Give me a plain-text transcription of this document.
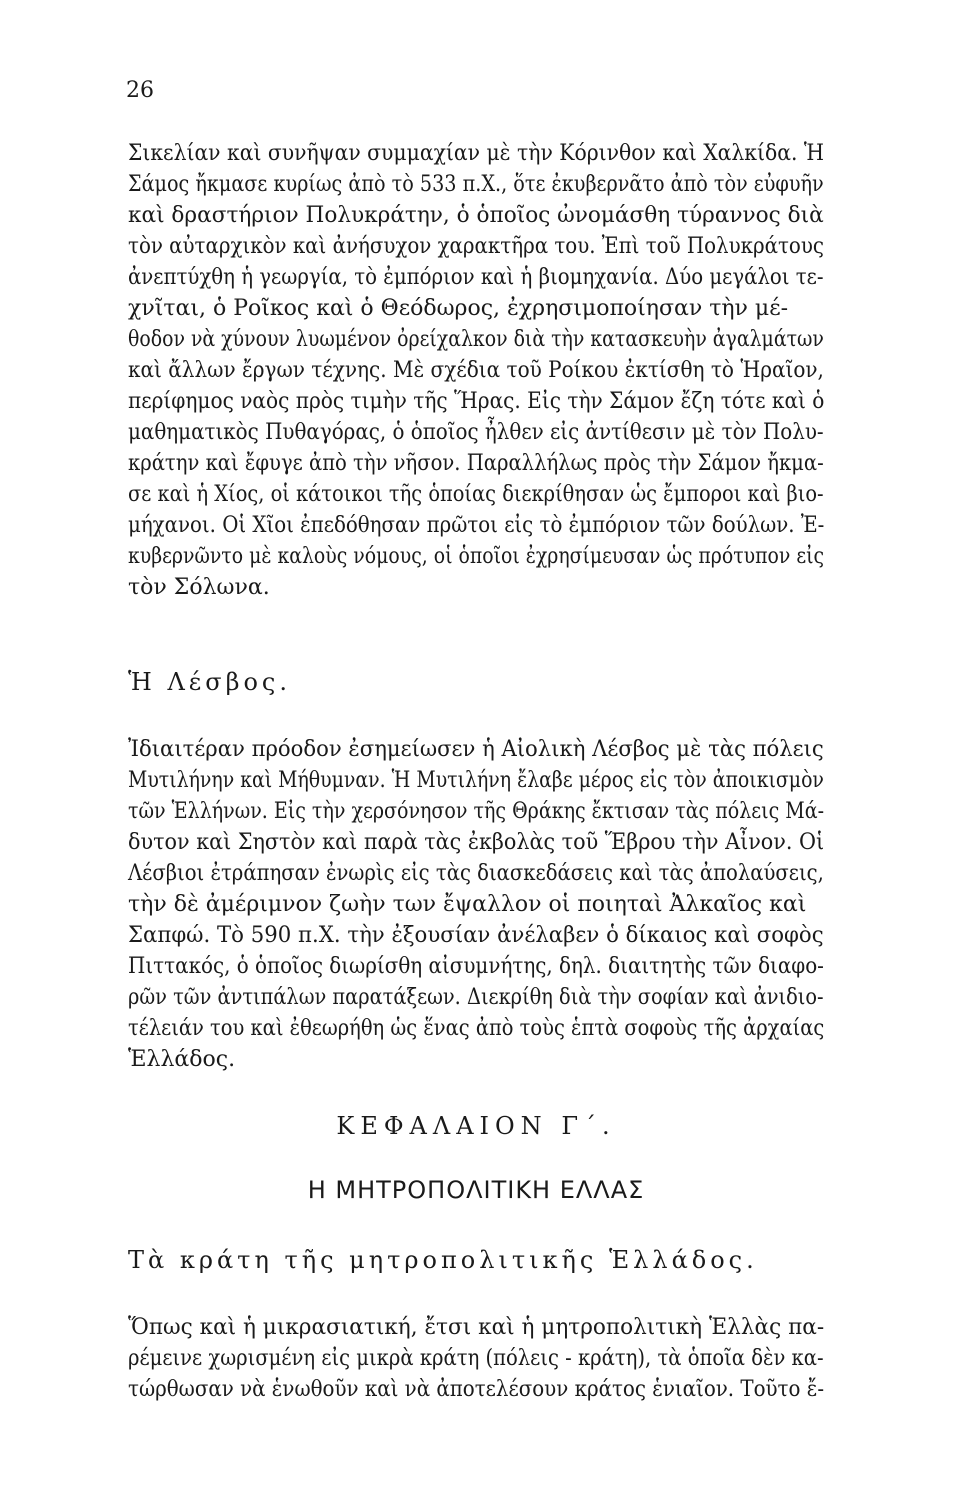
26

Σικελίαν καὶ συνῆψαν συμμαχίαν μὲ τὴν Κόρινθον καὶ Χαλκίδα. Ἡ
Σάμος ἤκμασε κυρίως ἀπὸ τὸ 533 π.Χ., ὅτε ἐκυβερνᾶτο ἀπὸ τὸν εὐφυῆν
καὶ δραστήριον Πολυκράτην, ὁ ὁποῖος ὠνομάσθη τύραννος διὰ
τὸν αὐταρχικὸν καὶ ἀνήσυχον χαρακτῆρα του. Ἐπὶ τοῦ Πολυκράτους
ἀνεπτύχθη ἡ γεωργία, τὸ ἐμπόριον καὶ ἡ βιομηχανία. Δύο μεγάλοι τε-
χνῖται, ὁ Ροῖκος καὶ ὁ Θεόδωρος, ἐχρησιμοποίησαν τὴν μέ-
θοδον νὰ χύνουν λυωμένον ὀρείχαλκον διὰ τὴν κατασκευὴν ἀγαλμάτων
καὶ ἄλλων ἔργων τέχνης. Μὲ σχέδια τοῦ Ροίκου ἐκτίσθη τὸ Ἡραῖον,
περίφημος ναὸς πρὸς τιμὴν τῆς Ἥρας. Εἰς τὴν Σάμον ἔζη τότε καὶ ὁ
μαθηματικὸς Πυθαγόρας, ὁ ὁποῖος ἦλθεν εἰς ἀντίθεσιν μὲ τὸν Πολυ-
κράτην καὶ ἔφυγε ἀπὸ τὴν νῆσον. Παραλλήλως πρὸς τὴν Σάμον ἤκμα-
σε καὶ ἡ Χίος, οἱ κάτοικοι τῆς ὁποίας διεκρίθησαν ὡς ἔμποροι καὶ βιο-
μήχανοι. Οἱ Χῖοι ἐπεδόθησαν πρῶτοι εἰς τὸ ἐμπόριον τῶν δούλων. Ἐ-
κυβερνῶντο μὲ καλοὺς νόμους, οἱ ὁποῖοι ἐχρησίμευσαν ὡς πρότυπον εἰς
τὸν Σόλωνα.

Ἡ Λέσβος.

Ἰδιαιτέραν πρόοδον ἐσημείωσεν ἡ Αἰολικὴ Λέσβος μὲ τὰς πόλεις
Μυτιλήνην καὶ Μήθυμναν. Ἡ Μυτιλήνη ἔλαβε μέρος εἰς τὸν ἀποικισμὸν
τῶν Ἑλλήνων. Εἰς τὴν χερσόνησον τῆς Θράκης ἔκτισαν τὰς πόλεις Μά-
δυτον καὶ Σηστὸν καὶ παρὰ τὰς ἐκβολὰς τοῦ Ἕβρου τὴν Αἶνον. Οἱ
Λέσβιοι ἐτράπησαν ἐνωρὶς εἰς τὰς διασκεδάσεις καὶ τὰς ἀπολαύσεις,
τὴν δὲ ἀμέριμνον ζωὴν των ἔψαλλον οἱ ποιηταὶ Ἀλκαῖος καὶ
Σαπφώ. Τὸ 590 π.Χ. τὴν ἐξουσίαν ἀνέλαβεν ὁ δίκαιος καὶ σοφὸς
Πιττακός, ὁ ὁποῖος διωρίσθη αἰσυμνήτης, δηλ. διαιτητὴς τῶν διαφο-
ρῶν τῶν ἀντιπάλων παρατάξεων. Διεκρίθη διὰ τὴν σοφίαν καὶ ἀνιδιο-
τέλειάν του καὶ ἐθεωρήθη ὡς ἕνας ἀπὸ τοὺς ἑπτὰ σοφοὺς τῆς ἀρχαίας
Ἑλλάδος.

ΚΕΦΑΛΑΙΟΝ Γ΄.
Η ΜΗΤΡΟΠΟΛΙΤΙΚΗ ΕΛΛΑΣ
Τὰ κράτη τῆς μητροπολιτικῆς Ἑλλάδος.

Ὅπως καὶ ἡ μικρασιατική, ἔτσι καὶ ἡ μητροπολιτικὴ Ἑλλὰς πα-
ρέμεινε χωρισμένη εἰς μικρὰ κράτη (πόλεις - κράτη), τὰ ὁποῖα δὲν κα-
τώρθωσαν νὰ ἑνωθοῦν καὶ νὰ ἀποτελέσουν κράτος ἑνιαῖον. Τοῦτο ἔ-
